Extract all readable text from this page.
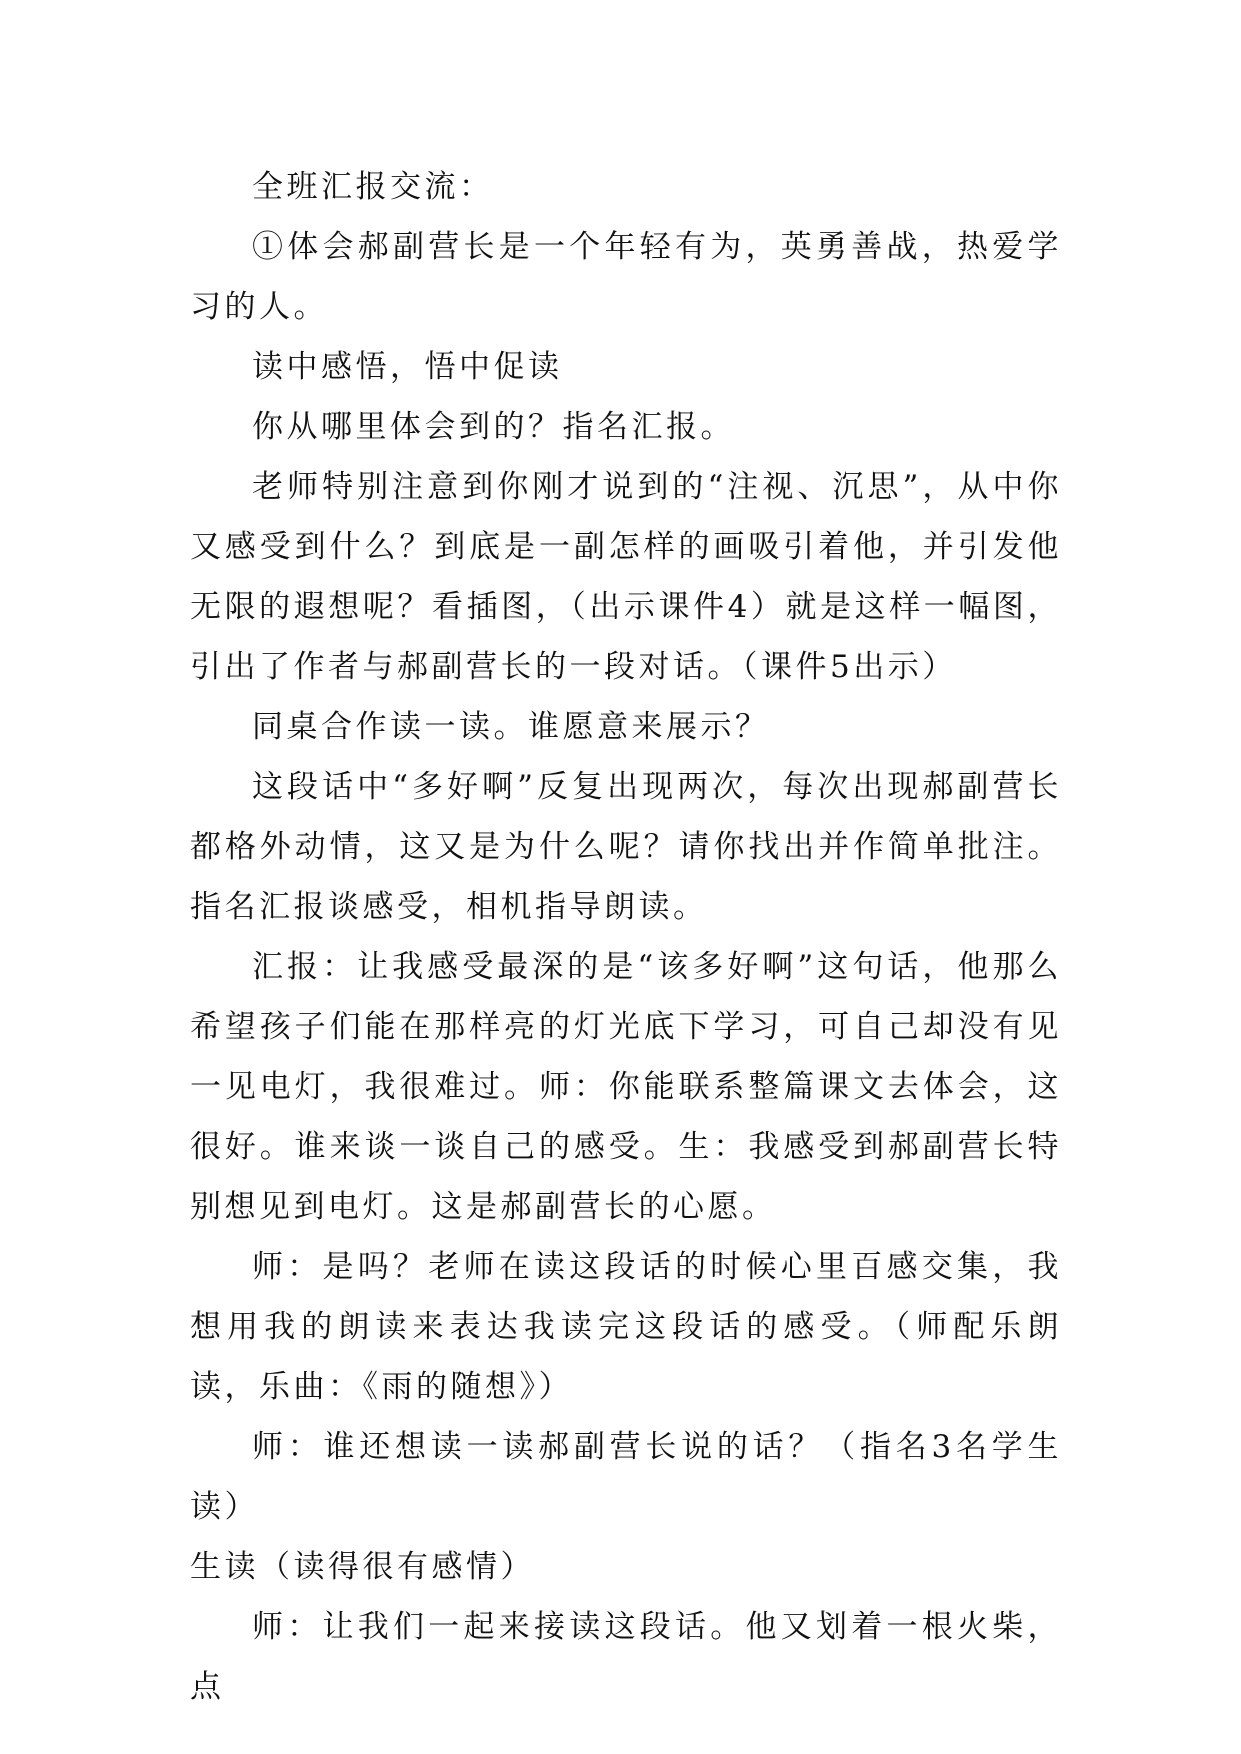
全班汇报交流：

①体会郝副营长是一个年轻有为，英勇善战，热爱学习的人。

读中感悟，悟中促读

你从哪里体会到的？指名汇报。

老师特别注意到你刚才说到的“注视、沉思”，从中你又感受到什么？到底是一副怎样的画吸引着他，并引发他无限的遐想呢？看插图，（出示课件4）就是这样一幅图，引出了作者与郝副营长的一段对话。（课件5出示）

同桌合作读一读。谁愿意来展示？

这段话中“多好啊”反复出现两次，每次出现郝副营长都格外动情，这又是为什么呢？请你找出并作简单批注。指名汇报谈感受，相机指导朗读。

汇报：让我感受最深的是“该多好啊”这句话，他那么希望孩子们能在那样亮的灯光底下学习，可自己却没有见一见电灯，我很难过。师：你能联系整篇课文去体会，这很好。谁来谈一谈自己的感受。生：我感受到郝副营长特别想见到电灯。这是郝副营长的心愿。

师：是吗？老师在读这段话的时候心里百感交集，我想用我的朗读来表达我读完这段话的感受。（师配乐朗读，乐曲：《雨的随想》）

师：谁还想读一读郝副营长说的话？（指名3名学生读）

生读（读得很有感情）

师：让我们一起来接读这段话。他又划着一根火柴，点
